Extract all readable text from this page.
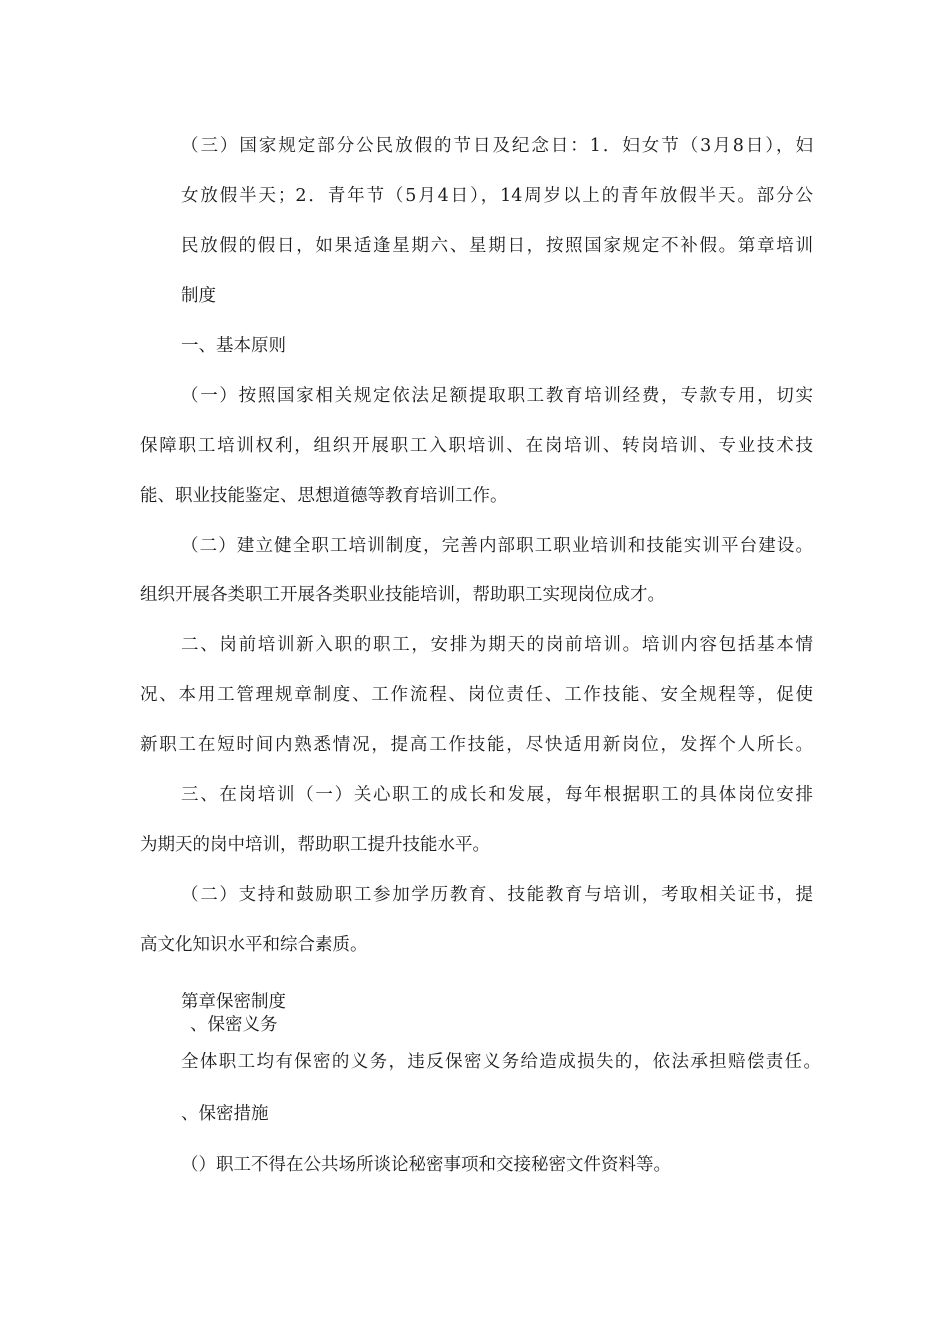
（三）国家规定部分公民放假的节日及纪念日：1．妇女节（3月8日），妇
女放假半天；2．青年节（5月4日），14周岁以上的青年放假半天。部分公
民放假的假日，如果适逢星期六、星期日，按照国家规定不补假。第章培训
制度
一、基本原则
（一）按照国家相关规定依法足额提取职工教育培训经费，专款专用，切实
保障职工培训权利，组织开展职工入职培训、在岗培训、转岗培训、专业技术技
能、职业技能鉴定、思想道德等教育培训工作。
（二）建立健全职工培训制度，完善内部职工职业培训和技能实训平台建设。
组织开展各类职工开展各类职业技能培训，帮助职工实现岗位成才。
二、岗前培训新入职的职工，安排为期天的岗前培训。培训内容包括基本情
况、本用工管理规章制度、工作流程、岗位责任、工作技能、安全规程等，促使
新职工在短时间内熟悉情况，提高工作技能，尽快适用新岗位，发挥个人所长。
三、在岗培训（一）关心职工的成长和发展，每年根据职工的具体岗位安排
为期天的岗中培训，帮助职工提升技能水平。
（二）支持和鼓励职工参加学历教育、技能教育与培训，考取相关证书，提
高文化知识水平和综合素质。
第章保密制度
、保密义务
全体职工均有保密的义务，违反保密义务给造成损失的，依法承担赔偿责任。
、保密措施
（）职工不得在公共场所谈论秘密事项和交接秘密文件资料等。
